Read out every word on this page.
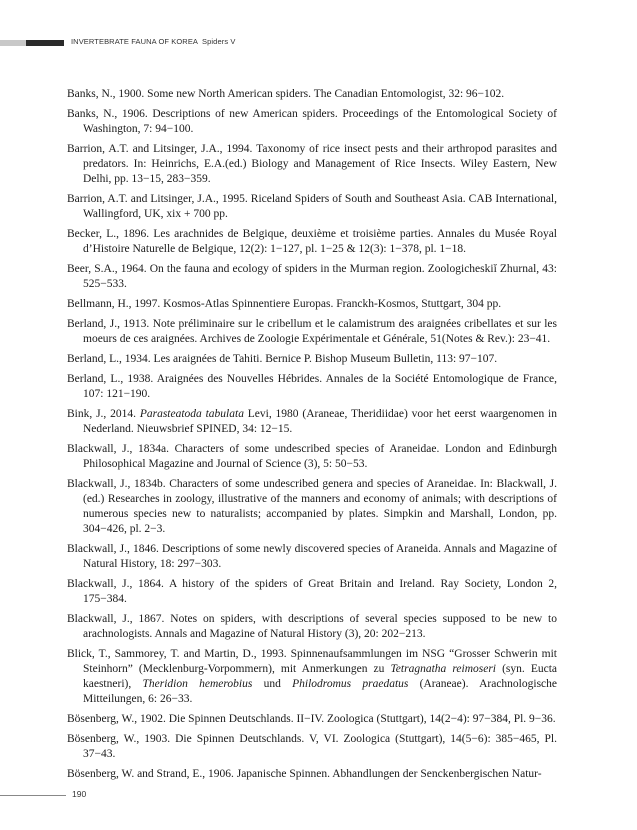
INVERTEBRATE FAUNA OF KOREA Spiders V
Banks, N., 1900. Some new North American spiders. The Canadian Entomologist, 32: 96−102.
Banks, N., 1906. Descriptions of new American spiders. Proceedings of the Entomological Society of Washington, 7: 94−100.
Barrion, A.T. and Litsinger, J.A., 1994. Taxonomy of rice insect pests and their arthropod parasites and predators. In: Heinrichs, E.A.(ed.) Biology and Management of Rice Insects. Wiley Eastern, New Delhi, pp. 13−15, 283−359.
Barrion, A.T. and Litsinger, J.A., 1995. Riceland Spiders of South and Southeast Asia. CAB International, Wallingford, UK, xix + 700 pp.
Becker, L., 1896. Les arachnides de Belgique, deuxième et troisième parties. Annales du Musée Royal d’Histoire Naturelle de Belgique, 12(2): 1−127, pl. 1−25 & 12(3): 1−378, pl. 1−18.
Beer, S.A., 1964. On the fauna and ecology of spiders in the Murman region. Zoologicheskiĭ Zhurnal, 43: 525−533.
Bellmann, H., 1997. Kosmos-Atlas Spinnentiere Europas. Franckh-Kosmos, Stuttgart, 304 pp.
Berland, J., 1913. Note préliminaire sur le cribellum et le calamistrum des araignées cribellates et sur les moeurs de ces araignées. Archives de Zoologie Expérimentale et Générale, 51(Notes & Rev.): 23−41.
Berland, L., 1934. Les araignées de Tahiti. Bernice P. Bishop Museum Bulletin, 113: 97−107.
Berland, L., 1938. Araignées des Nouvelles Hébrides. Annales de la Société Entomologique de France, 107: 121−190.
Bink, J., 2014. Parasteatoda tabulata Levi, 1980 (Araneae, Theridiidae) voor het eerst waargenomen in Nederland. Nieuwsbrief SPINED, 34: 12−15.
Blackwall, J., 1834a. Characters of some undescribed species of Araneidae. London and Edinburgh Philosophical Magazine and Journal of Science (3), 5: 50−53.
Blackwall, J., 1834b. Characters of some undescribed genera and species of Araneidae. In: Blackwall, J. (ed.) Researches in zoology, illustrative of the manners and economy of animals; with descriptions of numerous species new to naturalists; accompanied by plates. Simpkin and Marshall, London, pp. 304−426, pl. 2−3.
Blackwall, J., 1846. Descriptions of some newly discovered species of Araneida. Annals and Magazine of Natural History, 18: 297−303.
Blackwall, J., 1864. A history of the spiders of Great Britain and Ireland. Ray Society, London 2, 175−384.
Blackwall, J., 1867. Notes on spiders, with descriptions of several species supposed to be new to arachnologists. Annals and Magazine of Natural History (3), 20: 202−213.
Blick, T., Sammorey, T. and Martin, D., 1993. Spinnenaufsammlungen im NSG “Grosser Schwerin mit Steinhorn” (Mecklenburg-Vorpommern), mit Anmerkungen zu Tetragnatha reimoseri (syn. Eucta kaestneri), Theridion hemerobius und Philodromus praedatus (Araneae). Arachnologische Mitteilungen, 6: 26−33.
Bösenberg, W., 1902. Die Spinnen Deutschlands. II−IV. Zoologica (Stuttgart), 14(2−4): 97−384, Pl. 9−36.
Bösenberg, W., 1903. Die Spinnen Deutschlands. V, VI. Zoologica (Stuttgart), 14(5−6): 385−465, Pl. 37−43.
Bösenberg, W. and Strand, E., 1906. Japanische Spinnen. Abhandlungen der Senckenbergischen Natur-
190
